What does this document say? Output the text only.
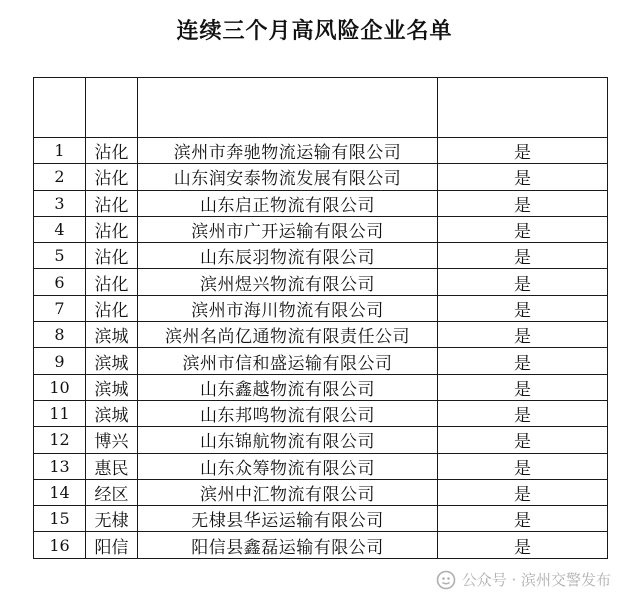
连续三个月高风险企业名单

1	沾化	滨州市奔驰物流运输有限公司	是
2	沾化	山东润安泰物流发展有限公司	是
3	沾化	山东启正物流有限公司	是
4	沾化	滨州市广开运输有限公司	是
5	沾化	山东辰羽物流有限公司	是
6	沾化	滨州煜兴物流有限公司	是
7	沾化	滨州市海川物流有限公司	是
8	滨城	滨州名尚亿通物流有限责任公司	是
9	滨城	滨州市信和盛运输有限公司	是
10	滨城	山东鑫越物流有限公司	是
11	滨城	山东邦鸣物流有限公司	是
12	博兴	山东锦航物流有限公司	是
13	惠民	山东众筹物流有限公司	是
14	经区	滨州中汇物流有限公司	是
15	无棣	无棣县华运运输有限公司	是
16	阳信	阳信县鑫磊运输有限公司	是
公众号 · 滨州交警发布
